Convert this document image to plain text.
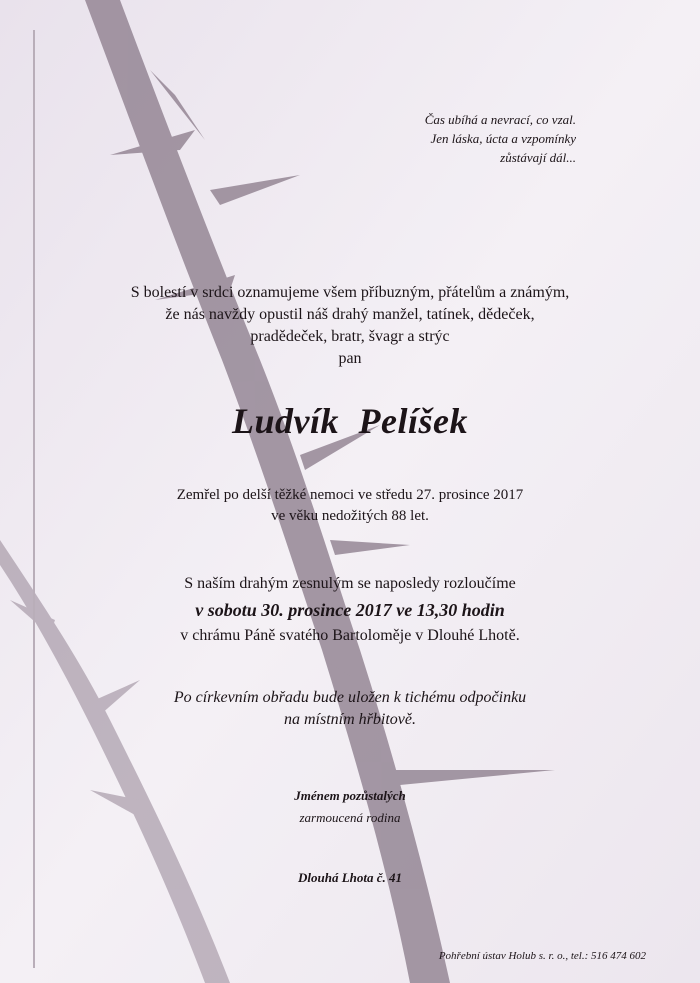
Čas ubíhá a nevrací, co vzal.
Jen láska, úcta a vzpomínky
zůstávají dál...
S bolestí v srdci oznamujeme všem příbuzným, přátelům a známým,
že nás navždy opustil náš drahý manžel, tatínek, dědeček,
pradědeček, bratr, švagr a strýc
pan
Ludvík Pelíšek
Zemřel po delší těžké nemoci ve středu 27. prosince 2017
ve věku nedožitých 88 let.
S naším drahým zesnulým se naposledy rozloučíme
v sobotu 30. prosince 2017 ve 13,30 hodin
v chrámu Páně svatého Bartoloměje v Dlouhé Lhotě.
Po církevním obřadu bude uložen k tichému odpočinku
na místním hřbitově.
Jménem pozůstalých
zarmoucená rodina
Dlouhá Lhota č. 41
Pohřební ústav Holub s. r. o., tel.: 516 474 602
